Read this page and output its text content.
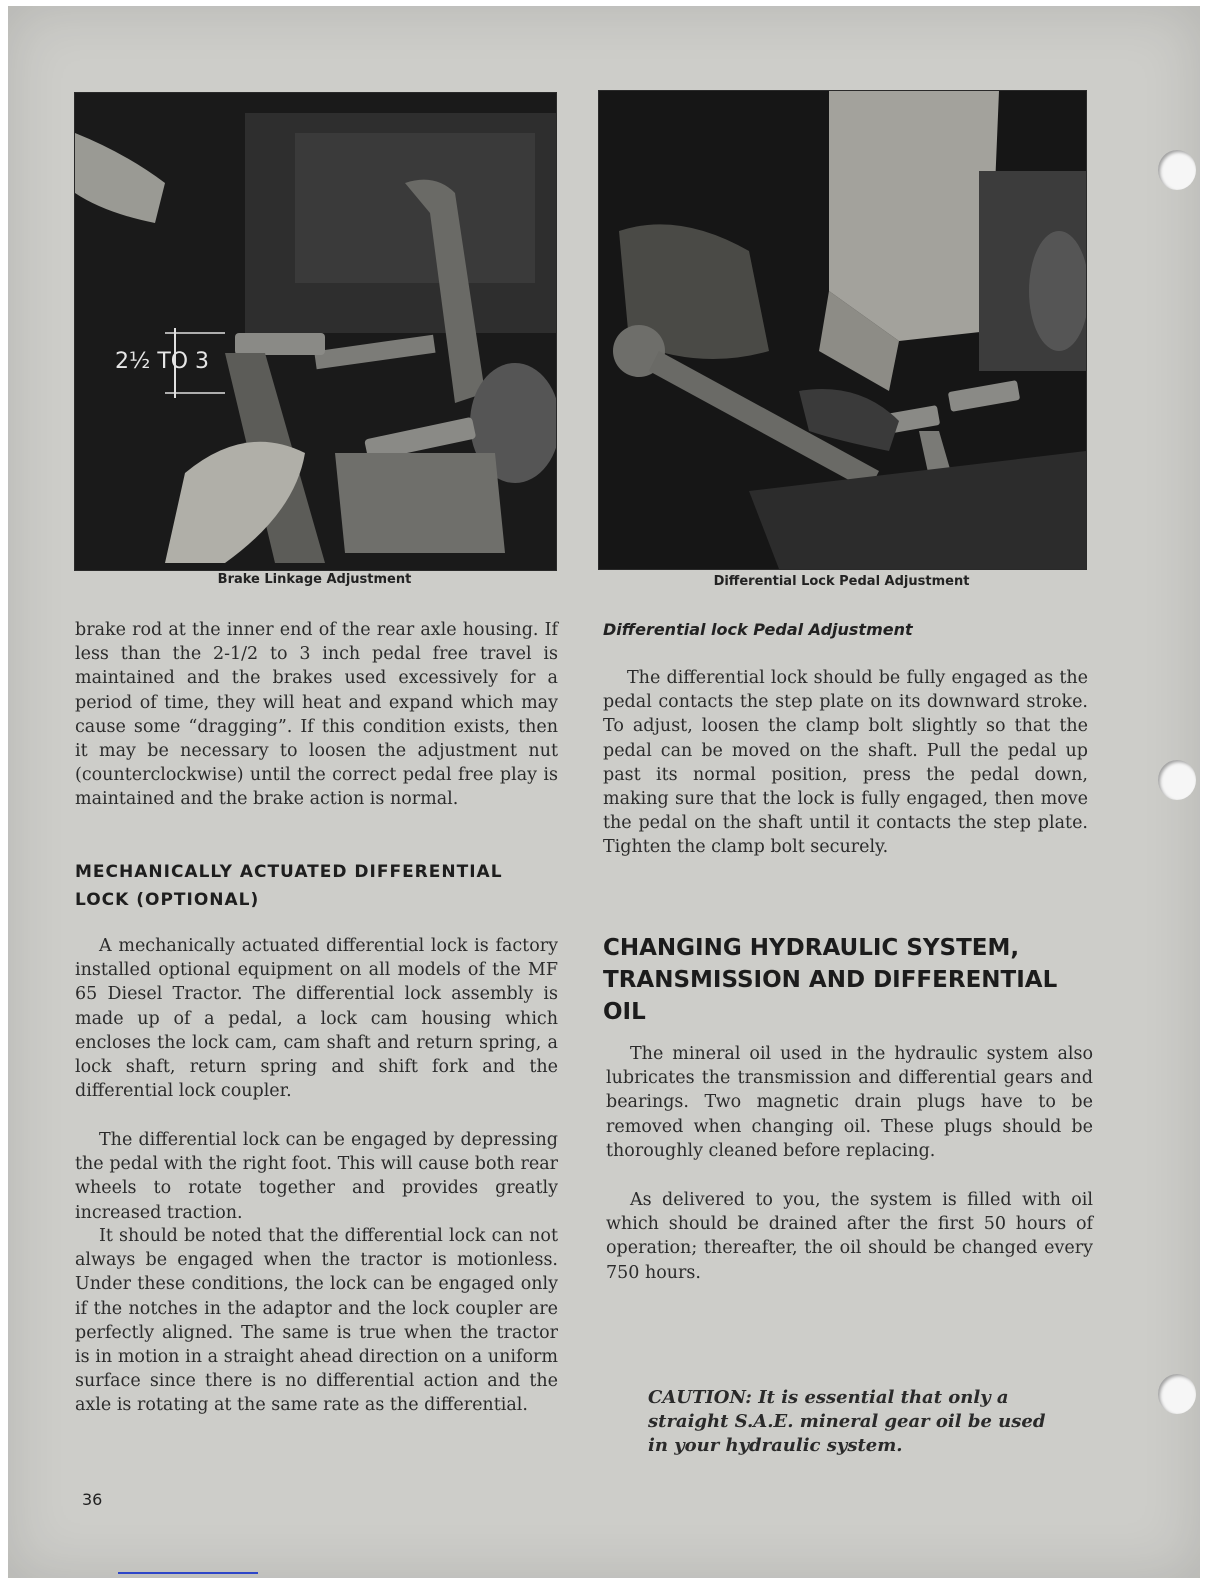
2½ TO 3
Brake Linkage Adjustment	Differential Lock Pedal Adjustment

brake rod at the inner end of the rear axle housing. If less than the 2-1/2 to 3 inch pedal free travel is maintained and the brakes used excessively for a period of time, they will heat and expand which may cause some “dragging”. If this condition exists, then it may be necessary to loosen the adjustment nut (counterclockwise) until the correct pedal free play is maintained and the brake action is normal.

MECHANICALLY ACTUATED DIFFERENTIAL LOCK (OPTIONAL)

A mechanically actuated differential lock is factory installed optional equipment on all models of the MF 65 Diesel Tractor. The differential lock assembly is made up of a pedal, a lock cam housing which encloses the lock cam, cam shaft and return spring, a lock shaft, return spring and shift fork and the differential lock coupler.

The differential lock can be engaged by depressing the pedal with the right foot. This will cause both rear wheels to rotate together and provides greatly increased traction.

It should be noted that the differential lock can not always be engaged when the tractor is motionless. Under these conditions, the lock can be engaged only if the notches in the adaptor and the lock coupler are perfectly aligned. The same is true when the tractor is in motion in a straight ahead direction on a uniform surface since there is no differential action and the axle is rotating at the same rate as the differential.

Differential lock Pedal Adjustment

The differential lock should be fully engaged as the pedal contacts the step plate on its downward stroke. To adjust, loosen the clamp bolt slightly so that the pedal can be moved on the shaft. Pull the pedal up past its normal position, press the pedal down, making sure that the lock is fully engaged, then move the pedal on the shaft until it contacts the step plate. Tighten the clamp bolt securely.

CHANGING HYDRAULIC SYSTEM, TRANSMISSION AND DIFFERENTIAL OIL

The mineral oil used in the hydraulic system also lubricates the transmission and differential gears and bearings. Two magnetic drain plugs have to be removed when changing oil. These plugs should be thoroughly cleaned before replacing.

As delivered to you, the system is filled with oil which should be drained after the first 50 hours of operation; thereafter, the oil should be changed every 750 hours.

CAUTION: It is essential that only a straight S.A.E. mineral gear oil be used in your hydraulic system.

36
